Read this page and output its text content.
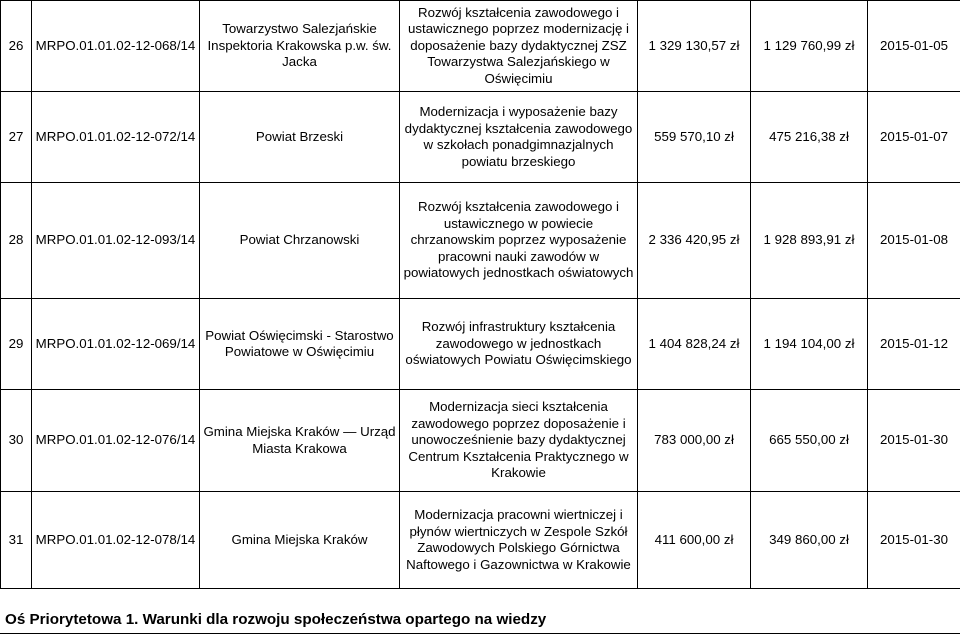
26	MRPO.01.01.02-12-068/14	Towarzystwo Salezjańskie Inspektoria Krakowska p.w. św. Jacka	Rozwój kształcenia zawodowego i ustawicznego poprzez modernizację i doposażenie bazy dydaktycznej ZSZ Towarzystwa Salezjańskiego w Oświęcimiu	1 329 130,57 zł	1 129 760,99 zł	2015-01-05
27	MRPO.01.01.02-12-072/14	Powiat Brzeski	Modernizacja i wyposażenie bazy dydaktycznej kształcenia zawodowego w szkołach ponadgimnazjalnych powiatu brzeskiego	559 570,10 zł	475 216,38 zł	2015-01-07
28	MRPO.01.01.02-12-093/14	Powiat Chrzanowski	Rozwój kształcenia zawodowego i ustawicznego w powiecie chrzanowskim poprzez wyposażenie pracowni nauki zawodów w powiatowych jednostkach oświatowych	2 336 420,95 zł	1 928 893,91 zł	2015-01-08
29	MRPO.01.01.02-12-069/14	Powiat Oświęcimski - Starostwo Powiatowe w Oświęcimiu	Rozwój infrastruktury kształcenia zawodowego w jednostkach oświatowych Powiatu Oświęcimskiego	1 404 828,24 zł	1 194 104,00 zł	2015-01-12
30	MRPO.01.01.02-12-076/14	Gmina Miejska Kraków — Urząd Miasta Krakowa	Modernizacja sieci kształcenia zawodowego poprzez doposażenie i unowocześnienie bazy dydaktycznej Centrum Kształcenia Praktycznego w Krakowie	783 000,00 zł	665 550,00 zł	2015-01-30
31	MRPO.01.01.02-12-078/14	Gmina Miejska Kraków	Modernizacja pracowni wiertniczej i płynów wiertniczych w Zespole Szkół Zawodowych Polskiego Górnictwa Naftowego i Gazownictwa w Krakowie	411 600,00 zł	349 860,00 zł	2015-01-30
Oś Priorytetowa 1. Warunki dla rozwoju społeczeństwa opartego na wiedzy
